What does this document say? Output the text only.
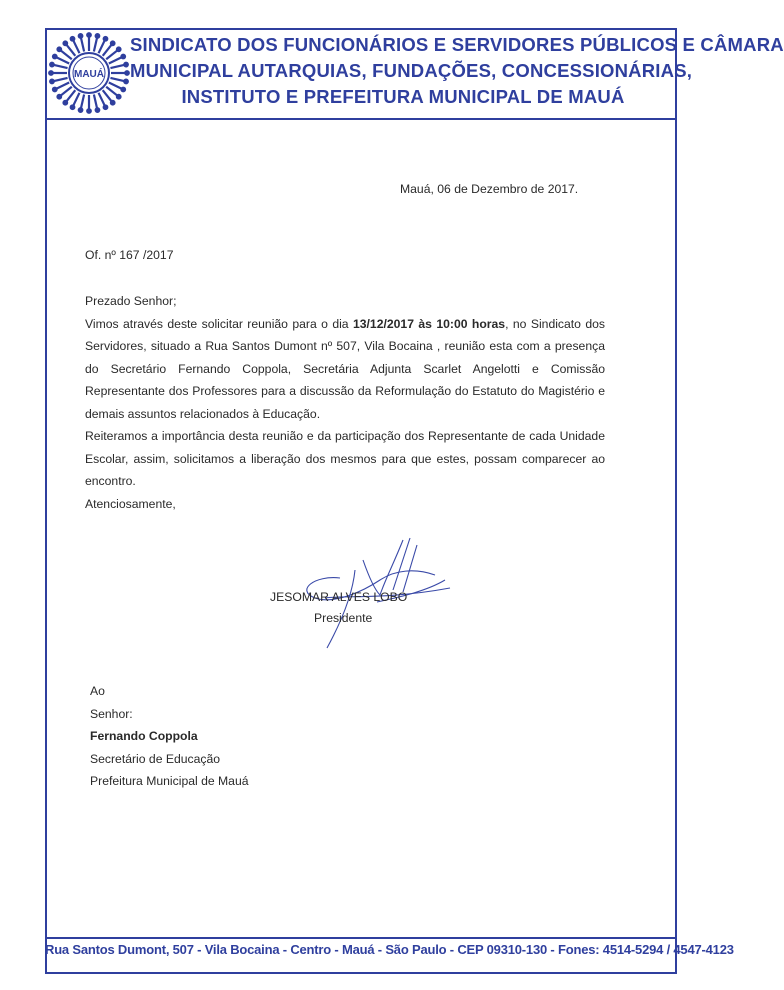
MAUÁ
SINDICATO DOS FUNCIONÁRIOS E SERVIDORES PÚBLICOS E CÂMARA
MUNICIPAL AUTARQUIAS, FUNDAÇÕES, CONCESSIONÁRIAS,
INSTITUTO E PREFEITURA MUNICIPAL DE MAUÁ
Mauá, 06 de Dezembro de 2017.
Of. nº 167 /2017

Prezado Senhor;

Vimos através deste solicitar reunião para o dia 13/12/2017 às 10:00 horas, no Sindicato dos Servidores, situado a Rua Santos Dumont nº 507, Vila Bocaina , reunião esta com a presença do Secretário Fernando Coppola, Secretária Adjunta Scarlet Angelotti e Comissão Representante dos Professores para a discussão da Reformulação do Estatuto do Magistério e demais assuntos relacionados à Educação.

Reiteramos a importância desta reunião e da participação dos Representante de cada Unidade Escolar, assim, solicitamos a liberação dos mesmos para que estes, possam comparecer ao encontro.

Atenciosamente,

JESOMAR ALVES LOBO
Presidente
Ao
Senhor:
Fernando Coppola
Secretário de Educação
Prefeitura Municipal de Mauá
Rua Santos Dumont, 507 - Vila Bocaina - Centro - Mauá - São Paulo - CEP 09310-130 - Fones: 4514-5294 / 4547-4123
